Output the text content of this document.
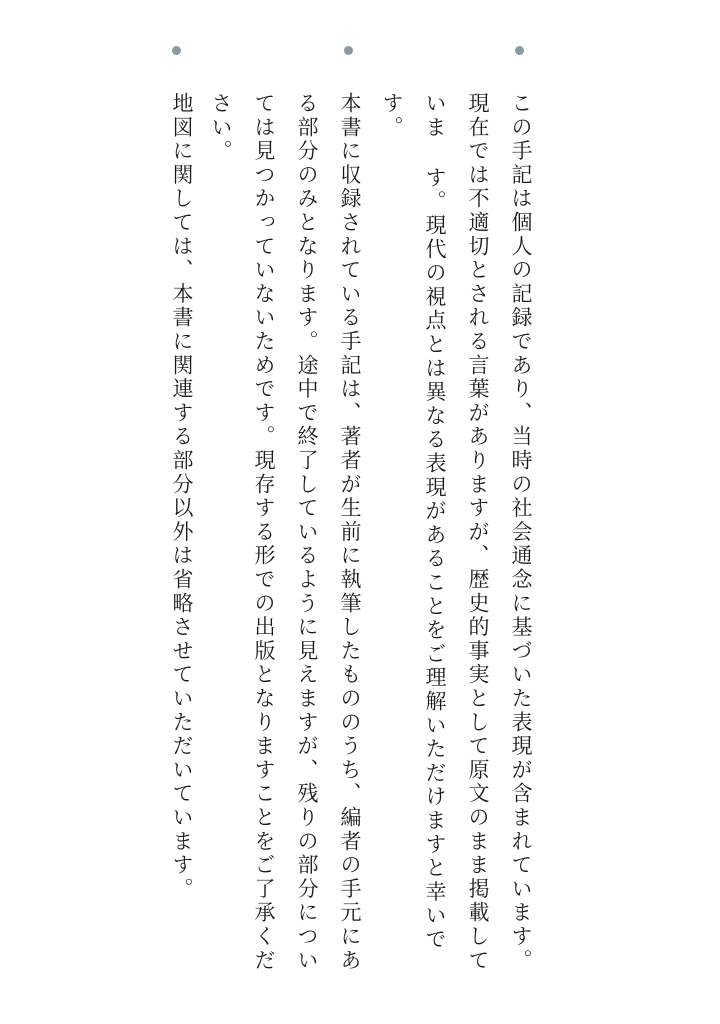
この手記は個人の記録であり、当時の社会通念に基づいた表現が含まれています。現在では不適切とされる言葉がありますが、歴史的事実として原文のまま掲載していま す。現代の視点とは異なる表現があることをご理解いただけますと幸いです。

本書に収録されている手記は、著者が生前に執筆したもののうち、編者の手元にある部分のみとなります。途中で終了しているように見えますが、残りの部分については見つかっていないためです。現存する形での出版となりますことをご了承ください。

地図に関しては、本書に関連する部分以外は省略させていただいています。
